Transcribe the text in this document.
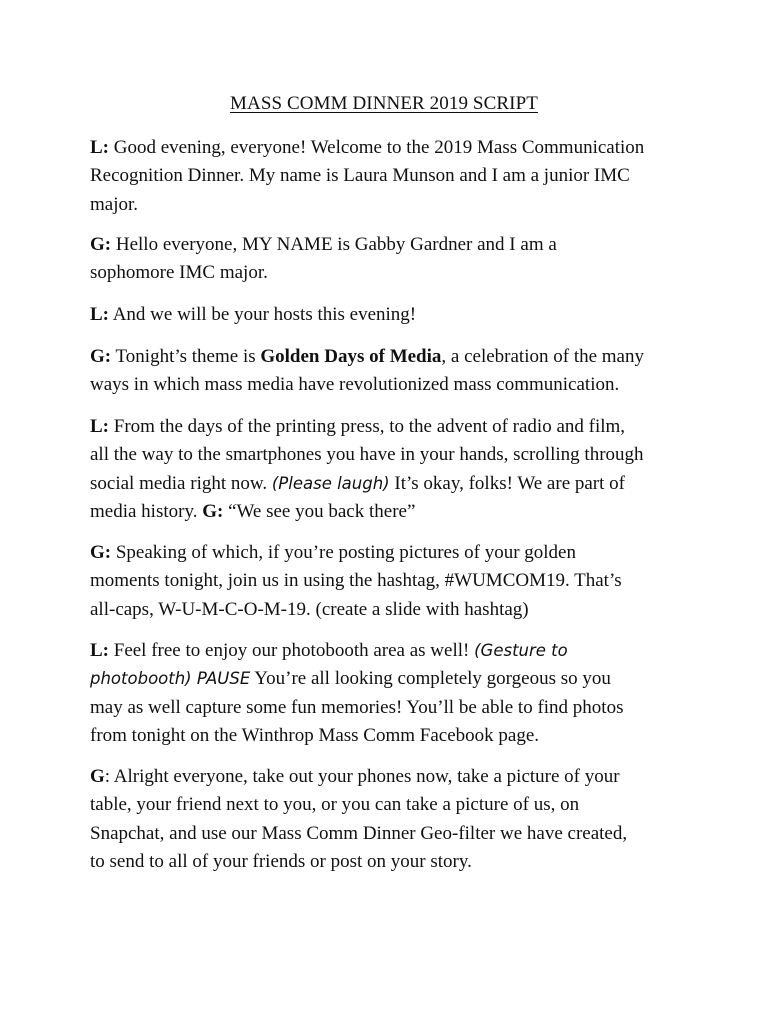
MASS COMM DINNER 2019 SCRIPT

L: Good evening, everyone! Welcome to the 2019 Mass Communication
Recognition Dinner. My name is Laura Munson and I am a junior IMC
major.

G: Hello everyone, MY NAME is Gabby Gardner and I am a
sophomore IMC major.

L: And we will be your hosts this evening!

G: Tonight’s theme is Golden Days of Media, a celebration of the many
ways in which mass media have revolutionized mass communication.

L: From the days of the printing press, to the advent of radio and film,
all the way to the smartphones you have in your hands, scrolling through
social media right now. (Please laugh) It’s okay, folks! We are part of
media history. G: “We see you back there”

G: Speaking of which, if you’re posting pictures of your golden
moments tonight, join us in using the hashtag, #WUMCOM19. That’s
all-caps, W-U-M-C-O-M-19. (create a slide with hashtag)

L: Feel free to enjoy our photobooth area as well! (Gesture to
photobooth) PAUSE You’re all looking completely gorgeous so you
may as well capture some fun memories! You’ll be able to find photos
from tonight on the Winthrop Mass Comm Facebook page.

G: Alright everyone, take out your phones now, take a picture of your
table, your friend next to you, or you can take a picture of us, on
Snapchat, and use our Mass Comm Dinner Geo-filter we have created,
to send to all of your friends or post on your story.
